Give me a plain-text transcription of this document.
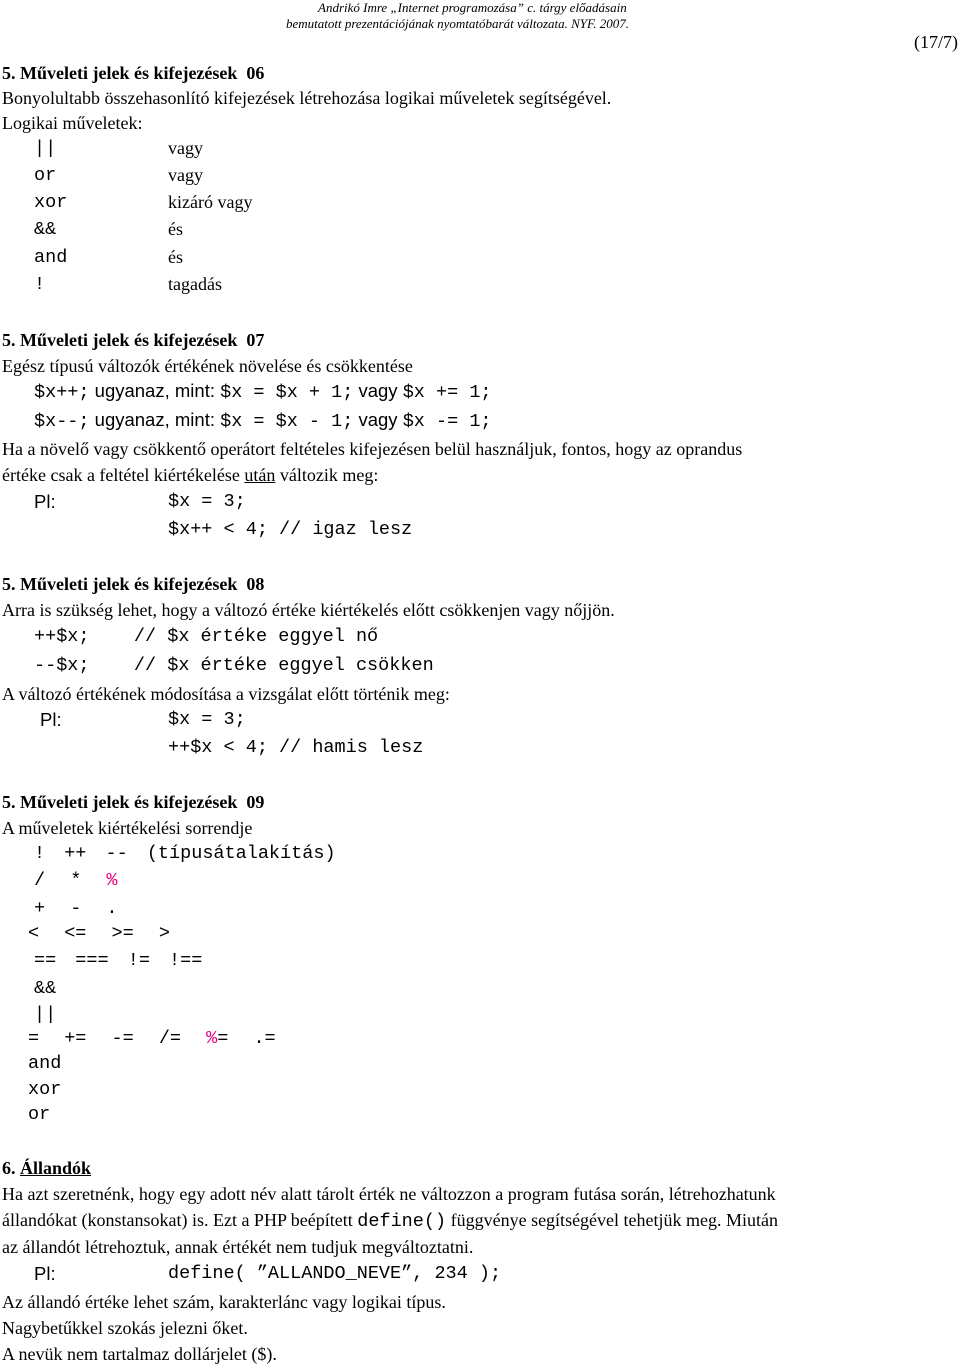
Andrikó Imre „Internet programozása” c. tárgy előadásain
bemutatott prezentációjának nyomtatóbarát változata. NYF. 2007.
(17/7)
5. Műveleti jelek és kifejezések  06
Bonyolultabb összehasonlító kifejezések létrehozása logikai műveletek segítségével.
Logikai műveletek:
||	vagy
or	vagy
xor	kizáró vagy
&&	és
and	és
!	tagadás
5. Műveleti jelek és kifejezések  07
Egész típusú változók értékének növelése és csökkentése
$x++; ugyanaz, mint: $x = $x + 1; vagy $x += 1;
$x--; ugyanaz, mint: $x = $x - 1; vagy $x -= 1;
Ha a növelő vagy csökkentő operátort feltételes kifejezésen belül használjuk, fontos, hogy az oprandus
értéke csak a feltétel kiértékelése után változik meg:
Pl:	$x = 3;
$x++ < 4; // igaz lesz
5. Műveleti jelek és kifejezések  08
Arra is szükség lehet, hogy a változó értéke kiértékelés előtt csökkenjen vagy nőjjön.
++$x;    // $x értéke eggyel nő
--$x;    // $x értéke eggyel csökken
A változó értékének módosítása a vizsgálat előtt történik meg:
Pl:	$x = 3;
++$x < 4; // hamis lesz
5. Műveleti jelek és kifejezések  09
A műveletek kiértékelési sorrendje
! ++ -- (típusátalakítás)
/ * %
+ - .
< <= >= >
== === != !==
&&
||
= += -= /= %= .=
and
xor
or
6. Állandók
Ha azt szeretnénk, hogy egy adott név alatt tárolt érték ne változzon a program futása során, létrehozhatunk
állandókat (konstansokat) is. Ezt a PHP beépített define() függvénye segítségével tehetjük meg. Miután
az állandót létrehoztuk, annak értékét nem tudjuk megváltoztatni.
Pl:	define( ”ALLANDO_NEVE”, 234 );
Az állandó értéke lehet szám, karakterlánc vagy logikai típus.
Nagybetűkkel szokás jelezni őket.
A nevük nem tartalmaz dollárjelet ($).
